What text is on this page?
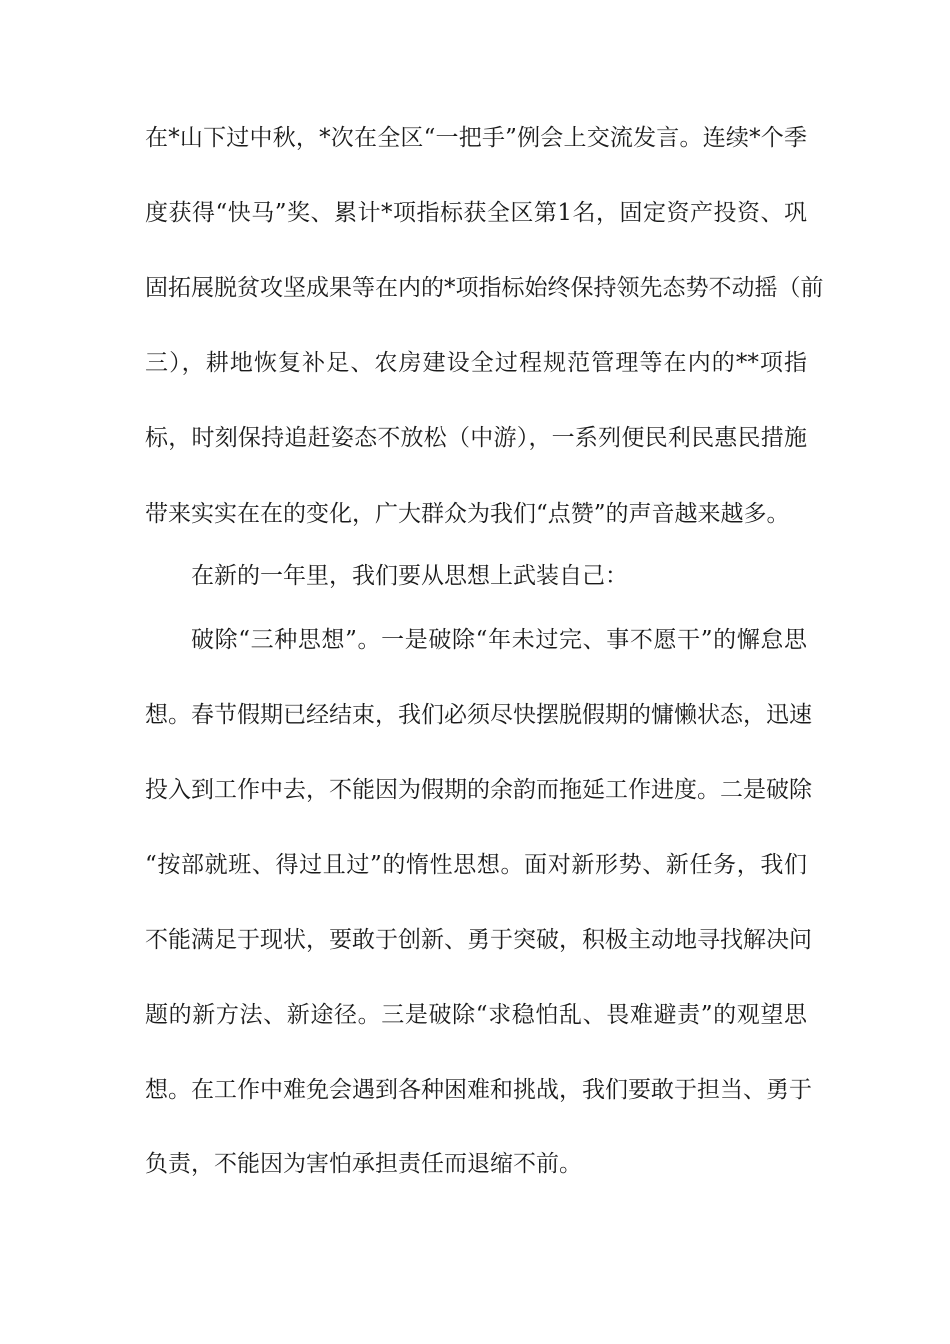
在*山下过中秋，*次在全区“一把手”例会上交流发言。连续*个季
度获得“快马”奖、累计*项指标获全区第1名，固定资产投资、巩
固拓展脱贫攻坚成果等在内的*项指标始终保持领先态势不动摇（前
三），耕地恢复补足、农房建设全过程规范管理等在内的**项指
标，时刻保持追赶姿态不放松（中游），一系列便民利民惠民措施
带来实实在在的变化，广大群众为我们“点赞”的声音越来越多。
在新的一年里，我们要从思想上武装自己：
破除“三种思想”。一是破除“年未过完、事不愿干”的懈怠思
想。春节假期已经结束，我们必须尽快摆脱假期的慵懒状态，迅速
投入到工作中去，不能因为假期的余韵而拖延工作进度。二是破除
“按部就班、得过且过”的惰性思想。面对新形势、新任务，我们
不能满足于现状，要敢于创新、勇于突破，积极主动地寻找解决问
题的新方法、新途径。三是破除“求稳怕乱、畏难避责”的观望思
想。在工作中难免会遇到各种困难和挑战，我们要敢于担当、勇于
负责，不能因为害怕承担责任而退缩不前。
